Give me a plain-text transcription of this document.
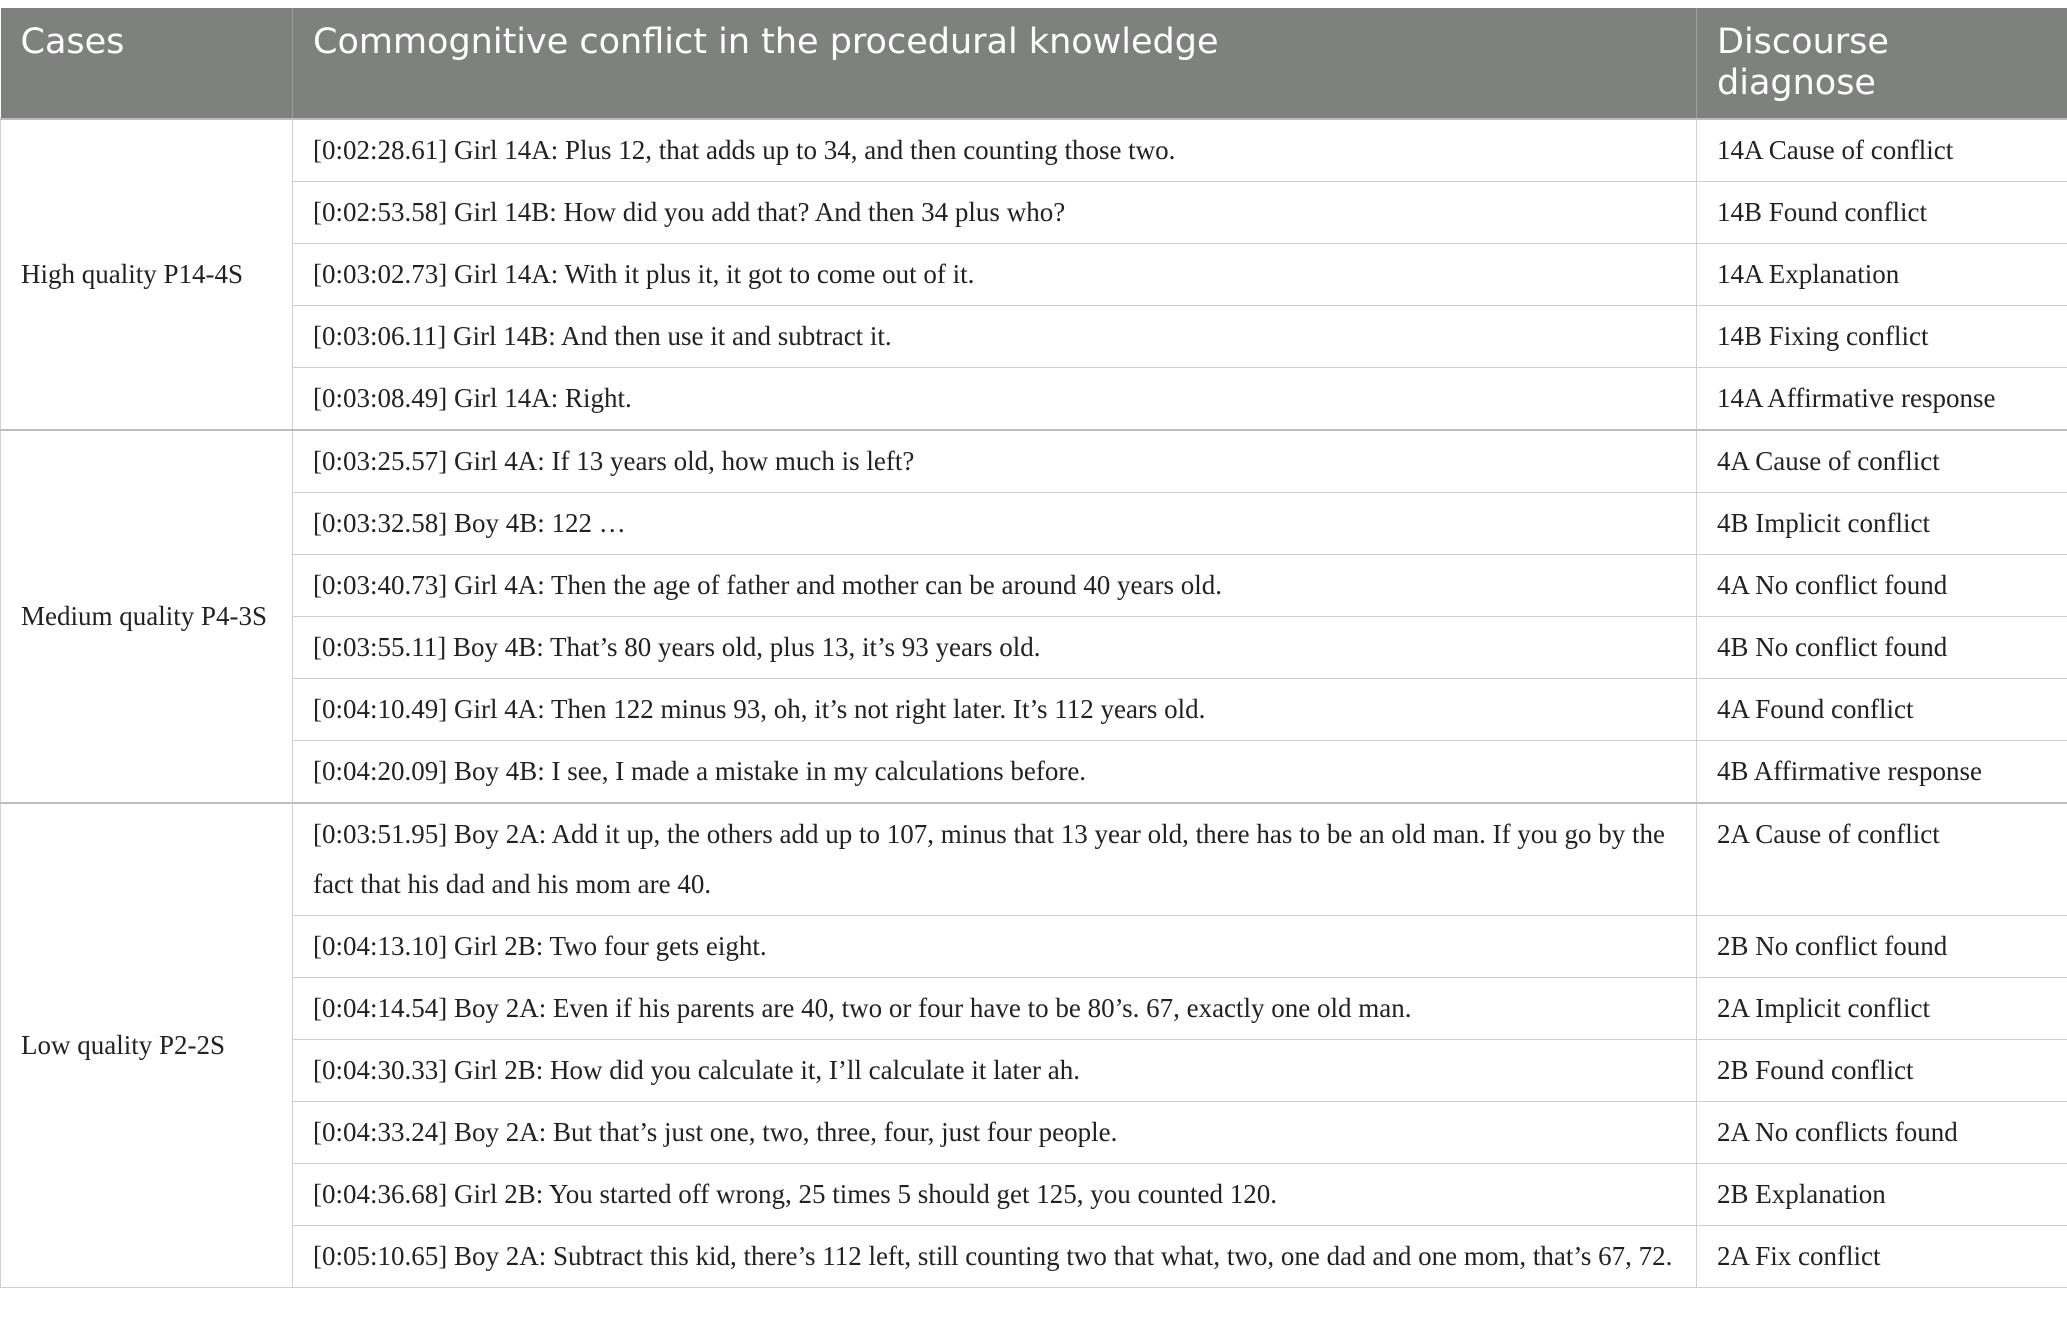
Cases	Commognitive conflict in the procedural knowledge	Discourse diagnose
High quality P14-4S	[0:02:28.61] Girl 14A: Plus 12, that adds up to 34, and then counting those two.	14A Cause of conflict
	[0:02:53.58] Girl 14B: How did you add that? And then 34 plus who?	14B Found conflict
	[0:03:02.73] Girl 14A: With it plus it, it got to come out of it.	14A Explanation
	[0:03:06.11] Girl 14B: And then use it and subtract it.	14B Fixing conflict
	[0:03:08.49] Girl 14A: Right.	14A Affirmative response
Medium quality P4-3S	[0:03:25.57] Girl 4A: If 13 years old, how much is left?	4A Cause of conflict
	[0:03:32.58] Boy 4B: 122 …	4B Implicit conflict
	[0:03:40.73] Girl 4A: Then the age of father and mother can be around 40 years old.	4A No conflict found
	[0:03:55.11] Boy 4B: That’s 80 years old, plus 13, it’s 93 years old.	4B No conflict found
	[0:04:10.49] Girl 4A: Then 122 minus 93, oh, it’s not right later. It’s 112 years old.	4A Found conflict
	[0:04:20.09] Boy 4B: I see, I made a mistake in my calculations before.	4B Affirmative response
Low quality P2-2S	[0:03:51.95] Boy 2A: Add it up, the others add up to 107, minus that 13 year old, there has to be an old man. If you go by the fact that his dad and his mom are 40.	2A Cause of conflict
	[0:04:13.10] Girl 2B: Two four gets eight.	2B No conflict found
	[0:04:14.54] Boy 2A: Even if his parents are 40, two or four have to be 80’s. 67, exactly one old man.	2A Implicit conflict
	[0:04:30.33] Girl 2B: How did you calculate it, I’ll calculate it later ah.	2B Found conflict
	[0:04:33.24] Boy 2A: But that’s just one, two, three, four, just four people.	2A No conflicts found
	[0:04:36.68] Girl 2B: You started off wrong, 25 times 5 should get 125, you counted 120.	2B Explanation
	[0:05:10.65] Boy 2A: Subtract this kid, there’s 112 left, still counting two that what, two, one dad and one mom, that’s 67, 72.	2A Fix conflict
